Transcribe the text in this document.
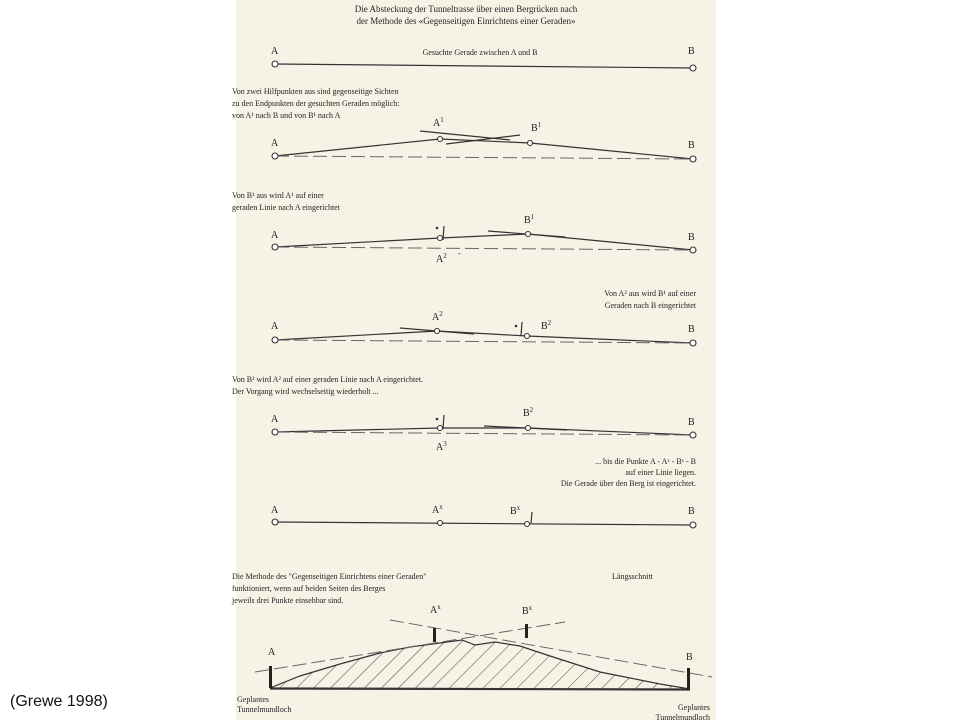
Die Absteckung der Tunneltrasse über einen Bergrücken nach
der Methode des «Gegenseitigen Einrichtens einer Geraden»
A	B
Gesuchte Gerade zwischen A und B
Von zwei Hilfpunkten aus sind gegenseitige Sichten
zu den Endpunkten der gesuchten Geraden möglich:
von A¹ nach B und von B¹ nach A
$A^1$
$B^1$
A	B
Von B¹ aus wird A¹ auf einer
geraden Linie nach A eingerichtet
$B^1$
A	B
$A^2$ -
Von A² aus wird B¹ auf einer
Geraden nach B eingerichtet
$A^2$
$B^2$
A	B
Von B² wird A² auf einer geraden Linie nach A eingerichtet.
Der Vorgang wird wechselseitig wiederholt ...
$B^2$
A	B
$A^3$
... bis die Punkte A - Aˣ - Bˣ - B
auf einer Linie liegen.
Die Gerade über den Berg ist eingerichtet.
A	$A^x$	$B^x$	B
Die Methode des "Gegenseitigen Einrichtens einer Geraden"
funktioniert, wenn auf beiden Seiten des Berges
jeweils drei Punkte einsehbar sind.
Längsschnitt
$A^x$	$B^x$
A	B
Geplantes
Tunnelmundloch	Geplantes
Tunnelmundloch
(Grewe 1998)
